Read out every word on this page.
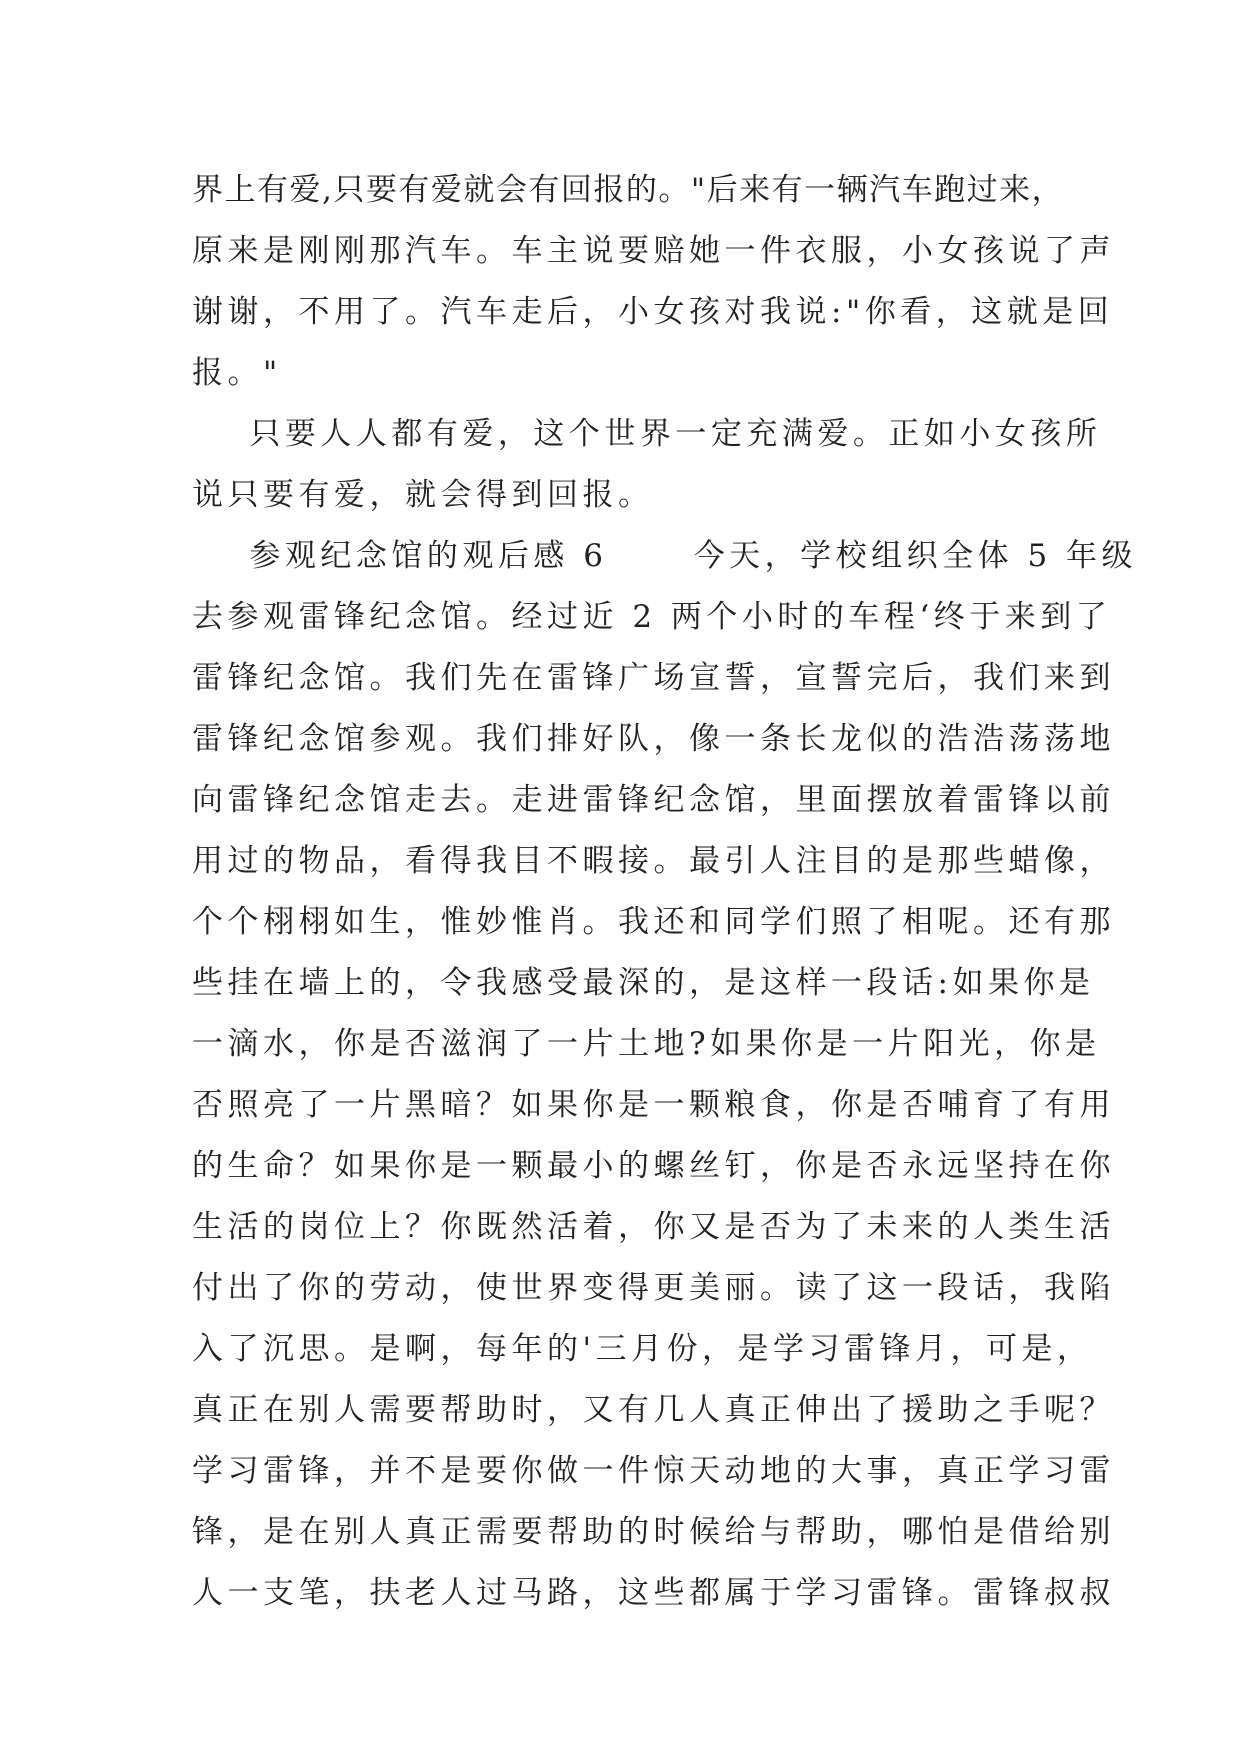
界上有爱,只要有爱就会有回报的。"后来有一辆汽车跑过来，
原来是刚刚那汽车。车主说要赔她一件衣服，小女孩说了声
谢谢，不用了。汽车走后，小女孩对我说:"你看，这就是回
报。"
只要人人都有爱，这个世界一定充满爱。正如小女孩所
说只要有爱，就会得到回报。
参观纪念馆的观后感 6      今天，学校组织全体 5 年级
去参观雷锋纪念馆。经过近 2 两个小时的车程‘终于来到了
雷锋纪念馆。我们先在雷锋广场宣誓，宣誓完后，我们来到
雷锋纪念馆参观。我们排好队，像一条长龙似的浩浩荡荡地
向雷锋纪念馆走去。走进雷锋纪念馆，里面摆放着雷锋以前
用过的物品，看得我目不暇接。最引人注目的是那些蜡像，
个个栩栩如生，惟妙惟肖。我还和同学们照了相呢。还有那
些挂在墙上的，令我感受最深的，是这样一段话:如果你是
一滴水，你是否滋润了一片土地?如果你是一片阳光，你是
否照亮了一片黑暗？如果你是一颗粮食，你是否哺育了有用
的生命？如果你是一颗最小的螺丝钉，你是否永远坚持在你
生活的岗位上？你既然活着，你又是否为了未来的人类生活
付出了你的劳动，使世界变得更美丽。读了这一段话，我陷
入了沉思。是啊，每年的'三月份，是学习雷锋月，可是，
真正在别人需要帮助时，又有几人真正伸出了援助之手呢？
学习雷锋，并不是要你做一件惊天动地的大事，真正学习雷
锋，是在别人真正需要帮助的时候给与帮助，哪怕是借给别
人一支笔，扶老人过马路，这些都属于学习雷锋。雷锋叔叔
